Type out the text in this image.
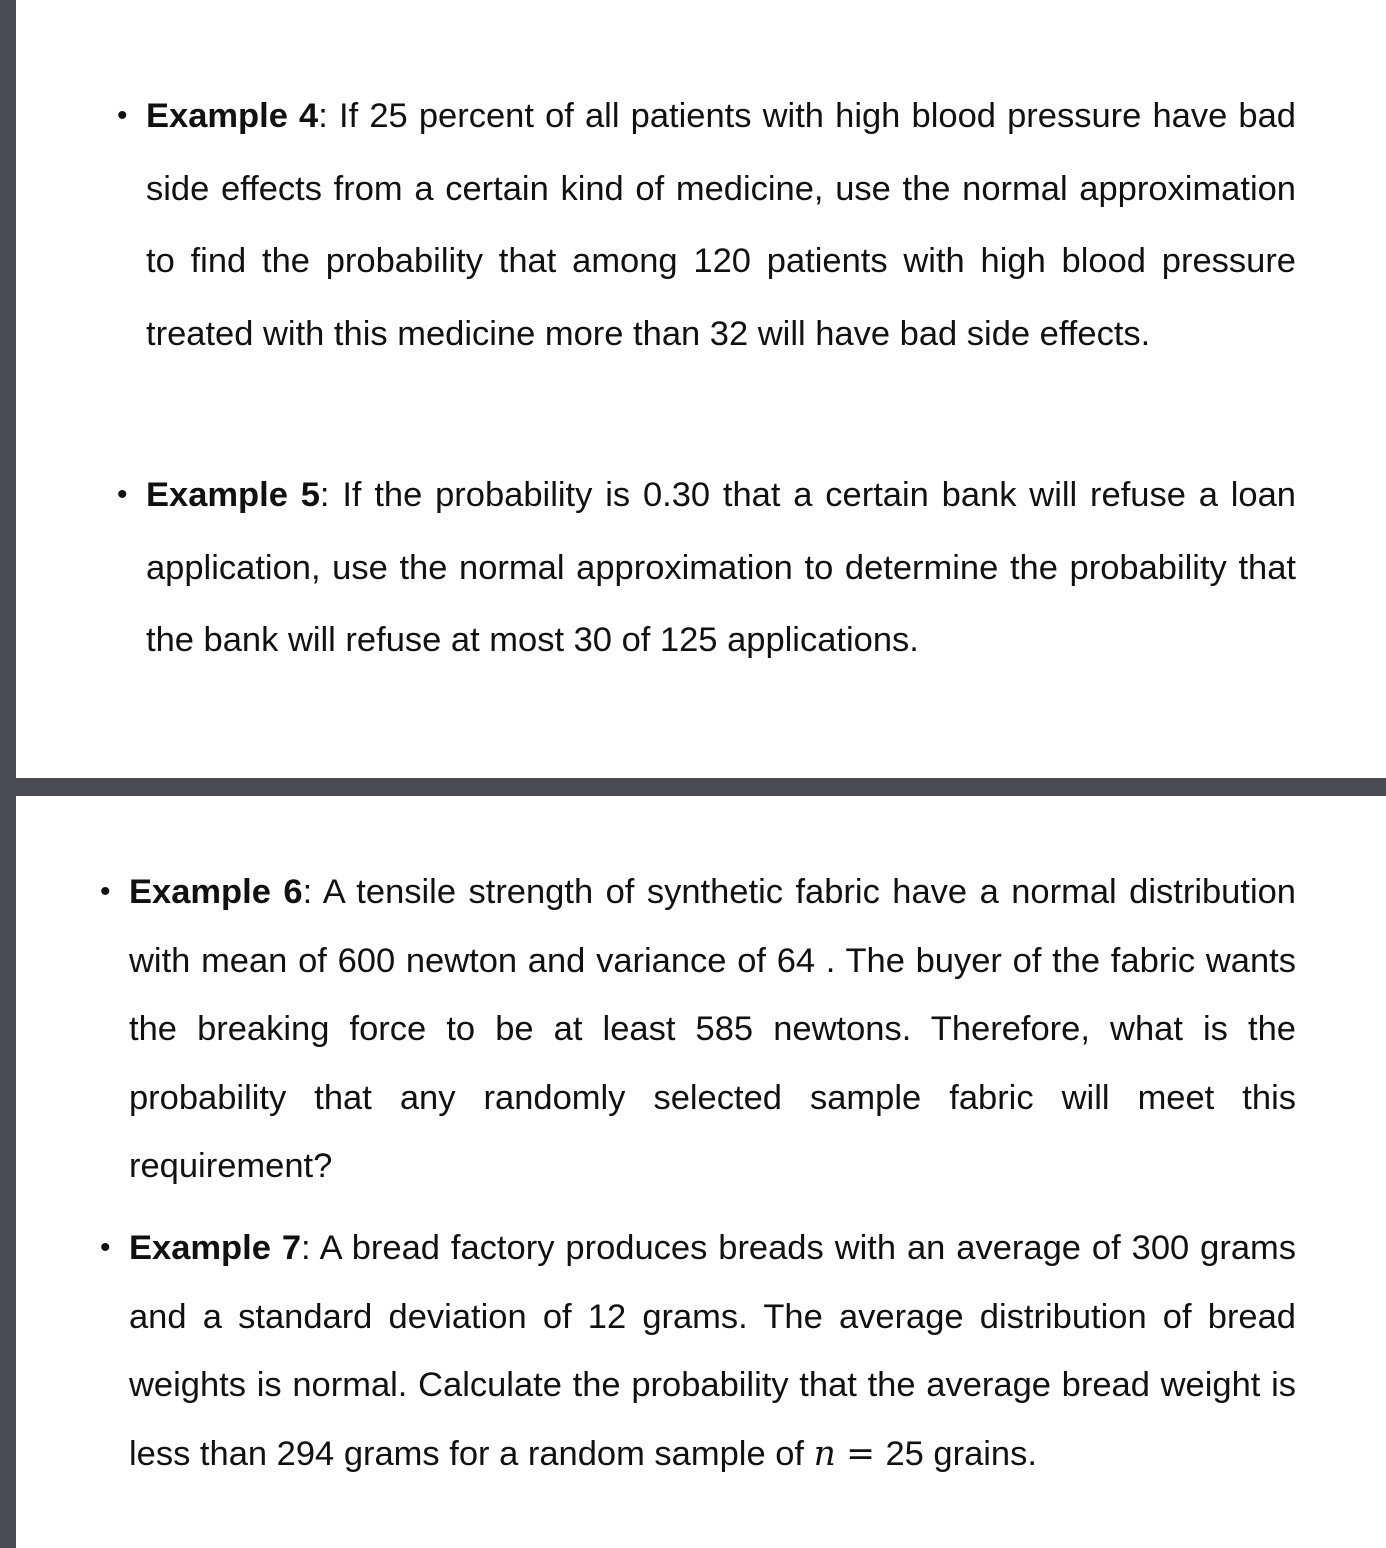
• Example 4: If 25 percent of all patients with high blood pressure have bad side effects from a certain kind of medicine, use the normal approximation to find the probability that among 120 patients with high blood pressure treated with this medicine more than 32 will have bad side effects.
• Example 5: If the probability is 0.30 that a certain bank will refuse a loan application, use the normal approximation to determine the probability that the bank will refuse at most 30 of 125 applications.
• Example 6: A tensile strength of synthetic fabric have a normal distribution with mean of 600 newton and variance of 64 . The buyer of the fabric wants the breaking force to be at least 585 newtons. Therefore, what is the probability that any randomly selected sample fabric will meet this requirement?
• Example 7: A bread factory produces breads with an average of 300 grams and a standard deviation of 12 grams. The average distribution of bread weights is normal. Calculate the probability that the average bread weight is less than 294 grams for a random sample of n = 25 grains.
